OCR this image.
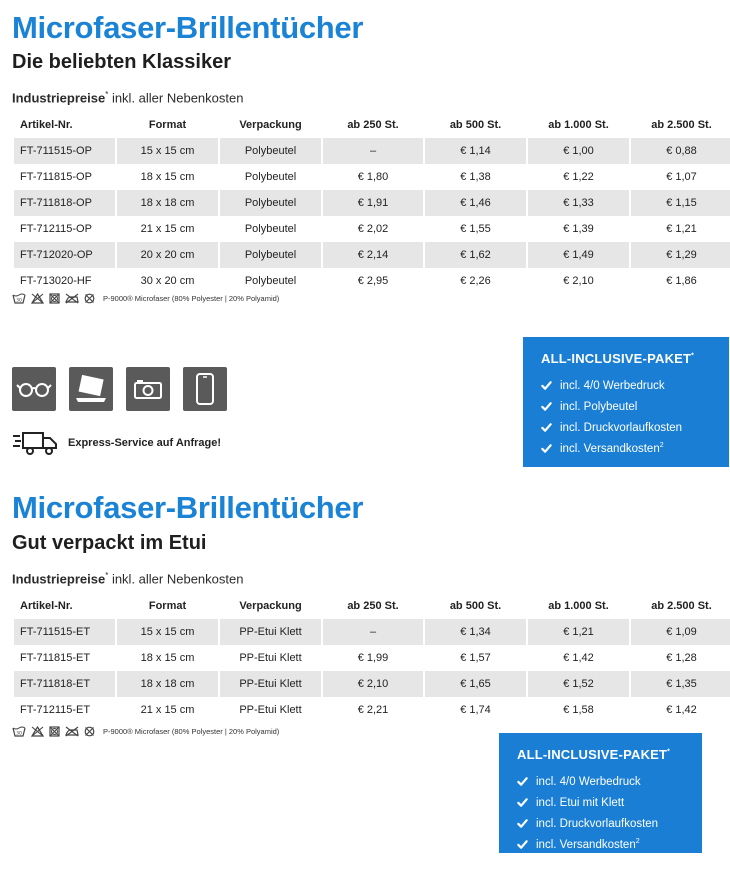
Microfaser-Brillentücher
Die beliebten Klassiker
Industriepreise* inkl. aller Nebenkosten
Artikel-Nr.	Format	Verpackung	ab 250 St.	ab 500 St.	ab 1.000 St.	ab 2.500 St.
FT-711515-OP	15 x 15 cm	Polybeutel	–	€ 1,14	€ 1,00	€ 0,88
FT-711815-OP	18 x 15 cm	Polybeutel	€ 1,80	€ 1,38	€ 1,22	€ 1,07
FT-711818-OP	18 x 18 cm	Polybeutel	€ 1,91	€ 1,46	€ 1,33	€ 1,15
FT-712115-OP	21 x 15 cm	Polybeutel	€ 2,02	€ 1,55	€ 1,39	€ 1,21
FT-712020-OP	20 x 20 cm	Polybeutel	€ 2,14	€ 1,62	€ 1,49	€ 1,29
FT-713020-HF	30 x 20 cm	Polybeutel	€ 2,95	€ 2,26	€ 2,10	€ 1,86
30	P-9000® Microfaser (80% Polyester | 20% Polyamid)
Express-Service auf Anfrage!
ALL-INCLUSIVE-PAKET*
incl. 4/0 Werbedruck
incl. Polybeutel
incl. Druckvorlaufkosten
incl. Versandkosten$^2$
Microfaser-Brillentücher
Gut verpackt im Etui
Industriepreise* inkl. aller Nebenkosten
Artikel-Nr.	Format	Verpackung	ab 250 St.	ab 500 St.	ab 1.000 St.	ab 2.500 St.
FT-711515-ET	15 x 15 cm	PP-Etui Klett	–	€ 1,34	€ 1,21	€ 1,09
FT-711815-ET	18 x 15 cm	PP-Etui Klett	€ 1,99	€ 1,57	€ 1,42	€ 1,28
FT-711818-ET	18 x 18 cm	PP-Etui Klett	€ 2,10	€ 1,65	€ 1,52	€ 1,35
FT-712115-ET	21 x 15 cm	PP-Etui Klett	€ 2,21	€ 1,74	€ 1,58	€ 1,42
30	P-9000® Microfaser (80% Polyester | 20% Polyamid)
ALL-INCLUSIVE-PAKET*
incl. 4/0 Werbedruck
incl. Etui mit Klett
incl. Druckvorlaufkosten
incl. Versandkosten$^2$
